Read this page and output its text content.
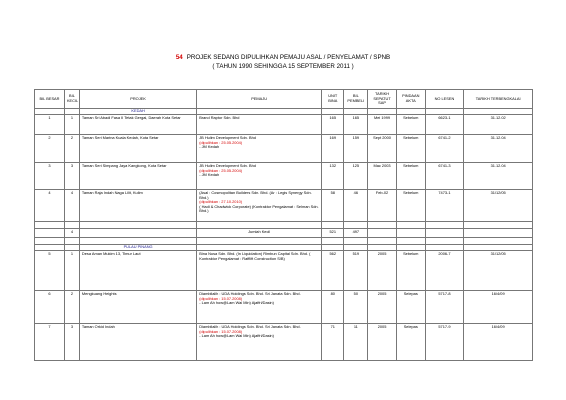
54 PROJEK SEDANG DIPULIHKAN PEMAJU ASAL / PENYELAMAT / SPNB
( TAHUN 1990 SEHINGGA 15 SEPTEMBER 2011 )
BIL BESAR	BIL KECIL	PROJEK	PEMAJU	UNIT BINA	BIL PEMBELI	TARIKH SEPATUT SAP	PINDAAN AKTA	NO LESEN	TARIKH TERBENGKALAI
		KEDAH							
1	1	Taman Sri Abadi Fasa II Tetak Gergai, Daerah Kota Setar	Brand Raptor Sdn. Bhd	165	165	Mei 1999	Sebelum	6623-1	31.12.02
2	2	Taman Seri Marina Kuala Kedah, Kota Setar	JB Hulim Development Sdn. Bhd
(dipulihkan : 25.05.2004)
- JM Kedah	169	159	Sept 2000	Sebelum	6741-2	31.12.04
3	3	Taman Seri Simpang Jaya Kangkong, Kota Setar	JB Hulim Development Sdn. Bhd
(dipulihkan : 25.05.2004)
- JM Kedah	132	125	Mac 2003	Sebelum	6741-3	31.12.04
4	4	Taman Raja Indah Naga Lilit, Kulim	(Asal : Cosmopolitan Builders Sdn. Bhd. (Ar : Legis Synergy Sdn. Bhd.)
(dipulihkan : 27.10.2010)
( Hadi & Chadwick Corporate) (Kontraktor Pengalamat : Selman Sdn. Bhd.)	58	46	Feb-02	Sebelum	7473-1	31/12/05

	4		Jumlah Kecil	521	497				

		PULAU PINANG							
5	1	Desa Aman Mukim 13, Timur Laut	Bina Nusa Sdn. Bhd. (In Liquidation) Rimbun Capital Sdn. Bhd. ( Kontraktor Pengalamat : Rafflift Construction S/B)	562	519	2005	Sebelum	2006-7	31/12/05
6	2	Mengkuang Heights	Diambilalih : UDA Holdings Sdn. Bhd. Sri Janata Sdn. Bhd.
(dipulihkan : 15.07.2008)
- Lam Ah how@Lam Wai Min) Ajaffri/Dasin)	80	50	2005	Selepas	5717-8	16/4/09
7	3	Taman Orkid Indah	Diambilalih : UDA Holdings Sdn. Bhd. Sri Janata Sdn. Bhd.
(dipulihkan : 15.07.2008)
- Lam Ah how@Lam Wai Min) Ajaffri/Dasin)	71	11	2005	Selepas	5717-9	16/4/09
